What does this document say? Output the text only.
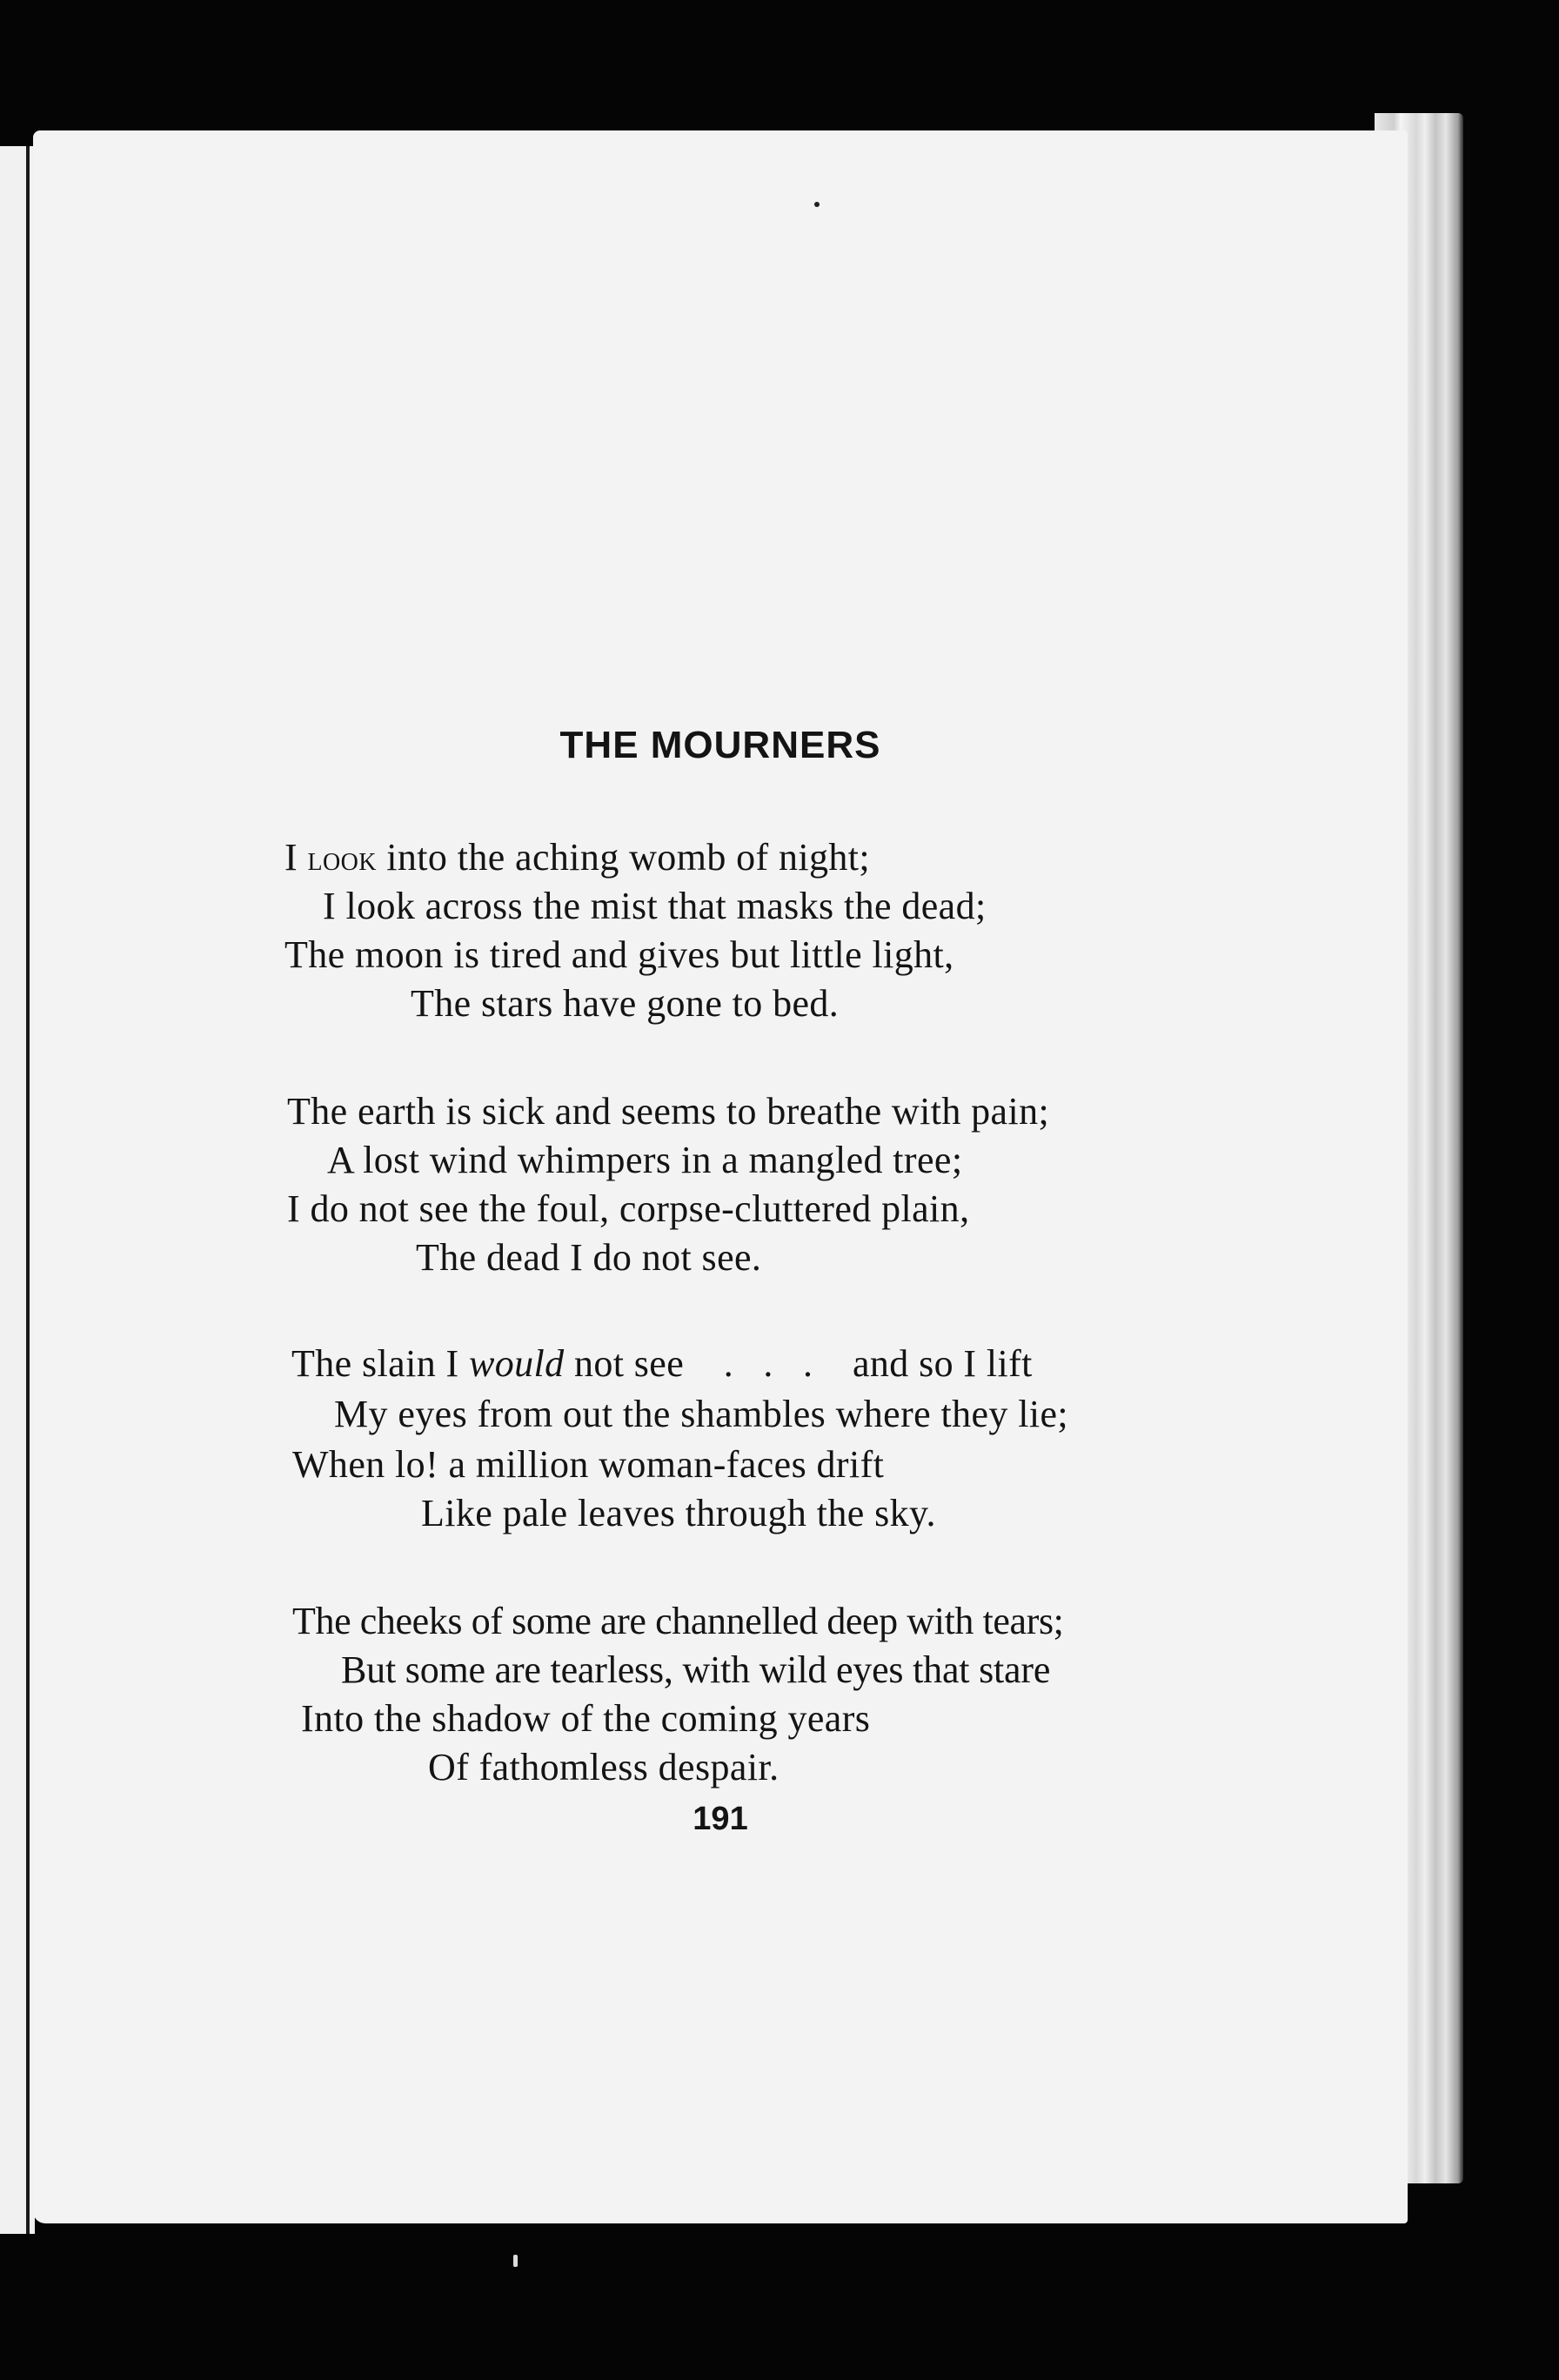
THE MOURNERS
I look into the aching womb of night;
I look across the mist that masks the dead;
The moon is tired and gives but little light,
The stars have gone to bed.
The earth is sick and seems to breathe with pain;
A lost wind whimpers in a mangled tree;
I do not see the foul, corpse-cluttered plain,
The dead I do not see.
The slain I would not see    .   .   .    and so I lift
My eyes from out the shambles where they lie;
When lo! a million woman-faces drift
Like pale leaves through the sky.
The cheeks of some are channelled deep with tears;
But some are tearless, with wild eyes that stare
Into the shadow of the coming years
Of fathomless despair.
191
